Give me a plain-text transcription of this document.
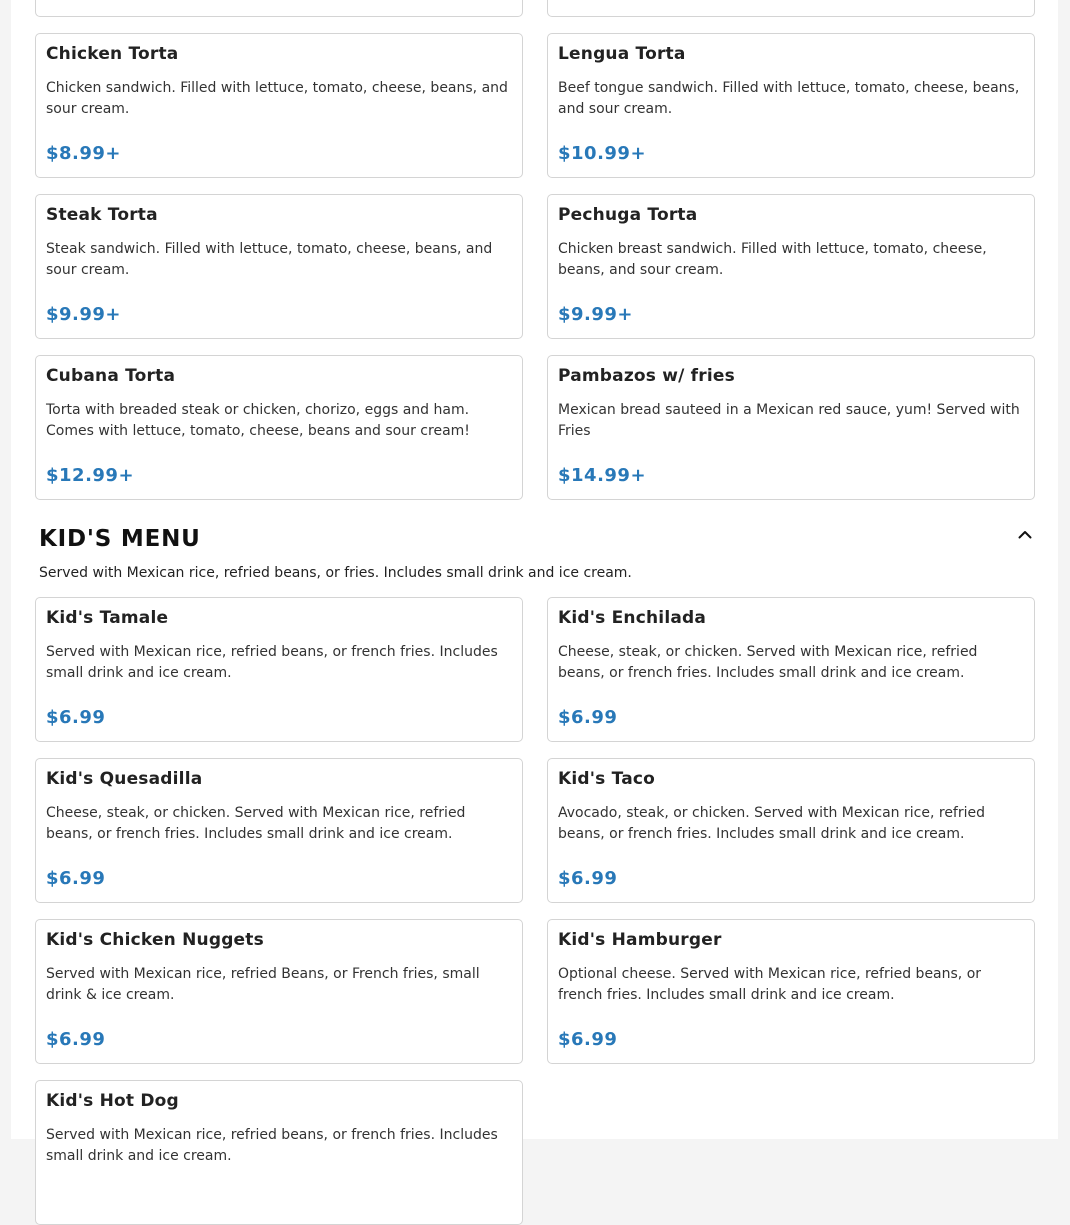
Chicken Torta
Chicken sandwich. Filled with lettuce, tomato, cheese, beans, and sour cream.
$8.99+
Lengua Torta
Beef tongue sandwich. Filled with lettuce, tomato, cheese, beans, and sour cream.
$10.99+
Steak Torta
Steak sandwich. Filled with lettuce, tomato, cheese, beans, and sour cream.
$9.99+
Pechuga Torta
Chicken breast sandwich. Filled with lettuce, tomato, cheese, beans, and sour cream.
$9.99+
Cubana Torta
Torta with breaded steak or chicken, chorizo, eggs and ham. Comes with lettuce, tomato, cheese, beans and sour cream!
$12.99+
Pambazos w/ fries
Mexican bread sauteed in a Mexican red sauce, yum! Served with Fries
$14.99+
KID'S MENU
Served with Mexican rice, refried beans, or fries. Includes small drink and ice cream.
Kid's Tamale
Served with Mexican rice, refried beans, or french fries. Includes small drink and ice cream.
$6.99
Kid's Enchilada
Cheese, steak, or chicken. Served with Mexican rice, refried beans, or french fries. Includes small drink and ice cream.
$6.99
Kid's Quesadilla
Cheese, steak, or chicken. Served with Mexican rice, refried beans, or french fries. Includes small drink and ice cream.
$6.99
Kid's Taco
Avocado, steak, or chicken. Served with Mexican rice, refried beans, or french fries. Includes small drink and ice cream.
$6.99
Kid's Chicken Nuggets
Served with Mexican rice, refried Beans, or French fries, small drink & ice cream.
$6.99
Kid's Hamburger
Optional cheese. Served with Mexican rice, refried beans, or french fries. Includes small drink and ice cream.
$6.99
Kid's Hot Dog
Served with Mexican rice, refried beans, or french fries. Includes small drink and ice cream.
